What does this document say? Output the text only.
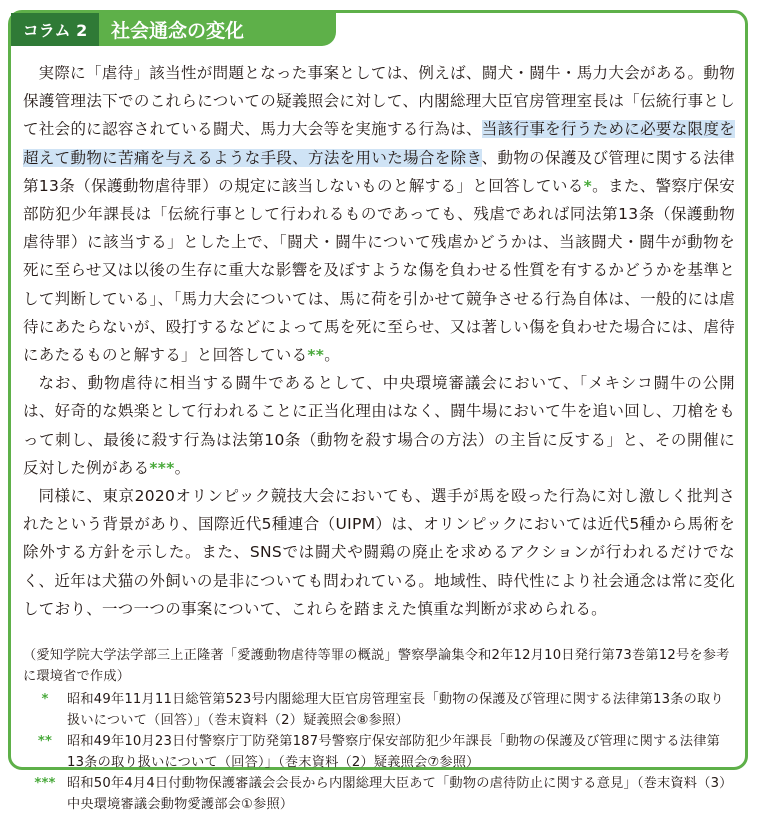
コラム 2	社会通念の変化

実際に「虐待」該当性が問題となった事案としては、例えば、闘犬・闘牛・馬力大会がある。動物保護管理法下でのこれらについての疑義照会に対して、内閣総理大臣官房管理室長は「伝統行事として社会的に認容されている闘犬、馬力大会等を実施する行為は、当該行事を行うために必要な限度を超えて動物に苦痛を与えるような手段、方法を用いた場合を除き、動物の保護及び管理に関する法律第13条（保護動物虐待罪）の規定に該当しないものと解する」と回答している*。また、警察庁保安部防犯少年課長は「伝統行事として行われるものであっても、残虐であれば同法第13条（保護動物虐待罪）に該当する」とした上で、「闘犬・闘牛について残虐かどうかは、当該闘犬・闘牛が動物を死に至らせ又は以後の生存に重大な影響を及ぼすような傷を負わせる性質を有するかどうかを基準として判断している」、「馬力大会については、馬に荷を引かせて競争させる行為自体は、一般的には虐待にあたらないが、殴打するなどによって馬を死に至らせ、又は著しい傷を負わせた場合には、虐待にあたるものと解する」と回答している**。

なお、動物虐待に相当する闘牛であるとして、中央環境審議会において、「メキシコ闘牛の公開は、好奇的な娯楽として行われることに正当化理由はなく、闘牛場において牛を追い回し、刀槍をもって刺し、最後に殺す行為は法第10条（動物を殺す場合の方法）の主旨に反する」と、その開催に反対した例がある***。

同様に、東京2020オリンピック競技大会においても、選手が馬を殴った行為に対し激しく批判されたという背景があり、国際近代5種連合（UIPM）は、オリンピックにおいては近代5種から馬術を除外する方針を示した。また、SNSでは闘犬や闘鶏の廃止を求めるアクションが行われるだけでなく、近年は犬猫の外飼いの是非についても問われている。地域性、時代性により社会通念は常に変化しており、一つ一つの事案について、これらを踏まえた慎重な判断が求められる。

（愛知学院大学法学部三上正隆著「愛護動物虐待等罪の概説」警察學論集令和2年12月10日発行第73巻第12号を参考に環境省で作成）

*	昭和49年11月11日総管第523号内閣総理大臣官房管理室長「動物の保護及び管理に関する法律第13条の取り扱いについて（回答）」（巻末資料（2）疑義照会⑧参照）
**	昭和49年10月23日付警察庁丁防発第187号警察庁保安部防犯少年課長「動物の保護及び管理に関する法律第13条の取り扱いについて（回答）」（巻末資料（2）疑義照会⑦参照）
*** 昭和50年4月4日付動物保護審議会会長から内閣総理大臣あて「動物の虐待防止に関する意見」（巻末資料（3）中央環境審議会動物愛護部会①参照）
